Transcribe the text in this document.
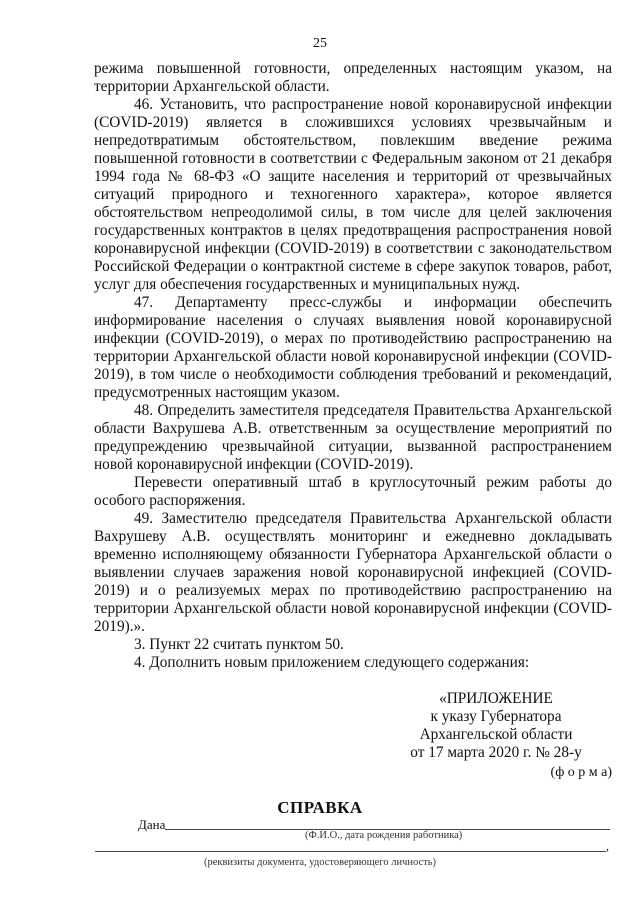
25

режима повышенной готовности, определенных настоящим указом, на территории Архангельской области.

46. Установить, что распространение новой коронавирусной инфекции (COVID-2019) является в сложившихся условиях чрезвычайным и непредотвратимым обстоятельством, повлекшим введение режима повышенной готовности в соответствии с Федеральным законом от 21 декабря 1994 года № 68-ФЗ «О защите населения и территорий от чрезвычайных ситуаций природного и техногенного характера», которое является обстоятельством непреодолимой силы, в том числе для целей заключения государственных контрактов в целях предотвращения распространения новой коронавирусной инфекции (COVID-2019) в соответствии с законодательством Российской Федерации о контрактной системе в сфере закупок товаров, работ, услуг для обеспечения государственных и муниципальных нужд.

47. Департаменту пресс-службы и информации обеспечить информирование населения о случаях выявления новой коронавирусной инфекции (COVID-2019), о мерах по противодействию распространению на территории Архангельской области новой коронавирусной инфекции (COVID-2019), в том числе о необходимости соблюдения требований и рекомендаций, предусмотренных настоящим указом.

48. Определить заместителя председателя Правительства Архангельской области Вахрушева А.В. ответственным за осуществление мероприятий по предупреждению чрезвычайной ситуации, вызванной распространением новой коронавирусной инфекции (COVID-2019).

Перевести оперативный штаб в круглосуточный режим работы до особого распоряжения.

49. Заместителю председателя Правительства Архангельской области Вахрушеву А.В. осуществлять мониторинг и ежедневно докладывать временно исполняющему обязанности Губернатора Архангельской области о выявлении случаев заражения новой коронавирусной инфекцией (COVID-2019) и о реализуемых мерах по противодействию распространению на территории Архангельской области новой коронавирусной инфекции (COVID-2019).».

3. Пункт 22 считать пунктом 50.

4. Дополнить новым приложением следующего содержания:

«ПРИЛОЖЕНИЕ
к указу Губернатора
Архангельской области
от 17 марта 2020 г. № 28-у
(ф о р м а)
СПРАВКА
Дана
(Ф.И.О., дата рождения работника)
,
(реквизиты документа, удостоверяющего личность)
